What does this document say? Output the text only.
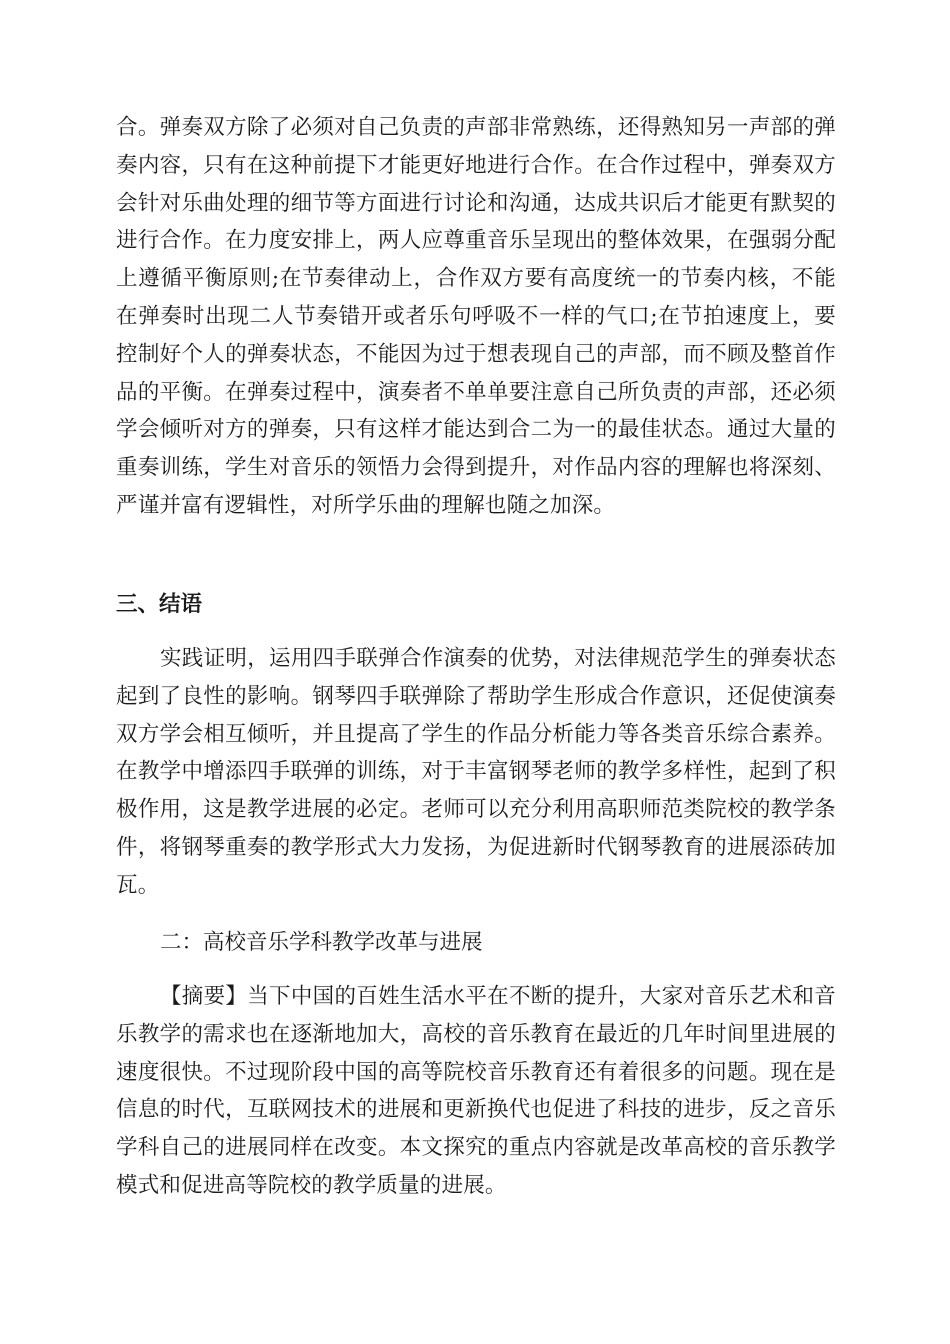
合。弹奏双方除了必须对自己负责的声部非常熟练，还得熟知另一声部的弹奏内容，只有在这种前提下才能更好地进行合作。在合作过程中，弹奏双方会针对乐曲处理的细节等方面进行讨论和沟通，达成共识后才能更有默契的进行合作。在力度安排上，两人应尊重音乐呈现出的整体效果，在强弱分配上遵循平衡原则;在节奏律动上，合作双方要有高度统一的节奏内核，不能在弹奏时出现二人节奏错开或者乐句呼吸不一样的气口;在节拍速度上，要控制好个人的弹奏状态，不能因为过于想表现自己的声部，而不顾及整首作品的平衡。在弹奏过程中，演奏者不单单要注意自己所负责的声部，还必须学会倾听对方的弹奏，只有这样才能达到合二为一的最佳状态。通过大量的重奏训练，学生对音乐的领悟力会得到提升，对作品内容的理解也将深刻、严谨并富有逻辑性，对所学乐曲的理解也随之加深。

三、结语

实践证明，运用四手联弹合作演奏的优势，对法律规范学生的弹奏状态起到了良性的影响。钢琴四手联弹除了帮助学生形成合作意识，还促使演奏双方学会相互倾听，并且提高了学生的作品分析能力等各类音乐综合素养。在教学中增添四手联弹的训练，对于丰富钢琴老师的教学多样性，起到了积极作用，这是教学进展的必定。老师可以充分利用高职师范类院校的教学条件，将钢琴重奏的教学形式大力发扬，为促进新时代钢琴教育的进展添砖加瓦。

二：高校音乐学科教学改革与进展

【摘要】当下中国的百姓生活水平在不断的提升，大家对音乐艺术和音乐教学的需求也在逐渐地加大，高校的音乐教育在最近的几年时间里进展的速度很快。不过现阶段中国的高等院校音乐教育还有着很多的问题。现在是信息的时代，互联网技术的进展和更新换代也促进了科技的进步，反之音乐学科自己的进展同样在改变。本文探究的重点内容就是改革高校的音乐教学模式和促进高等院校的教学质量的进展。
